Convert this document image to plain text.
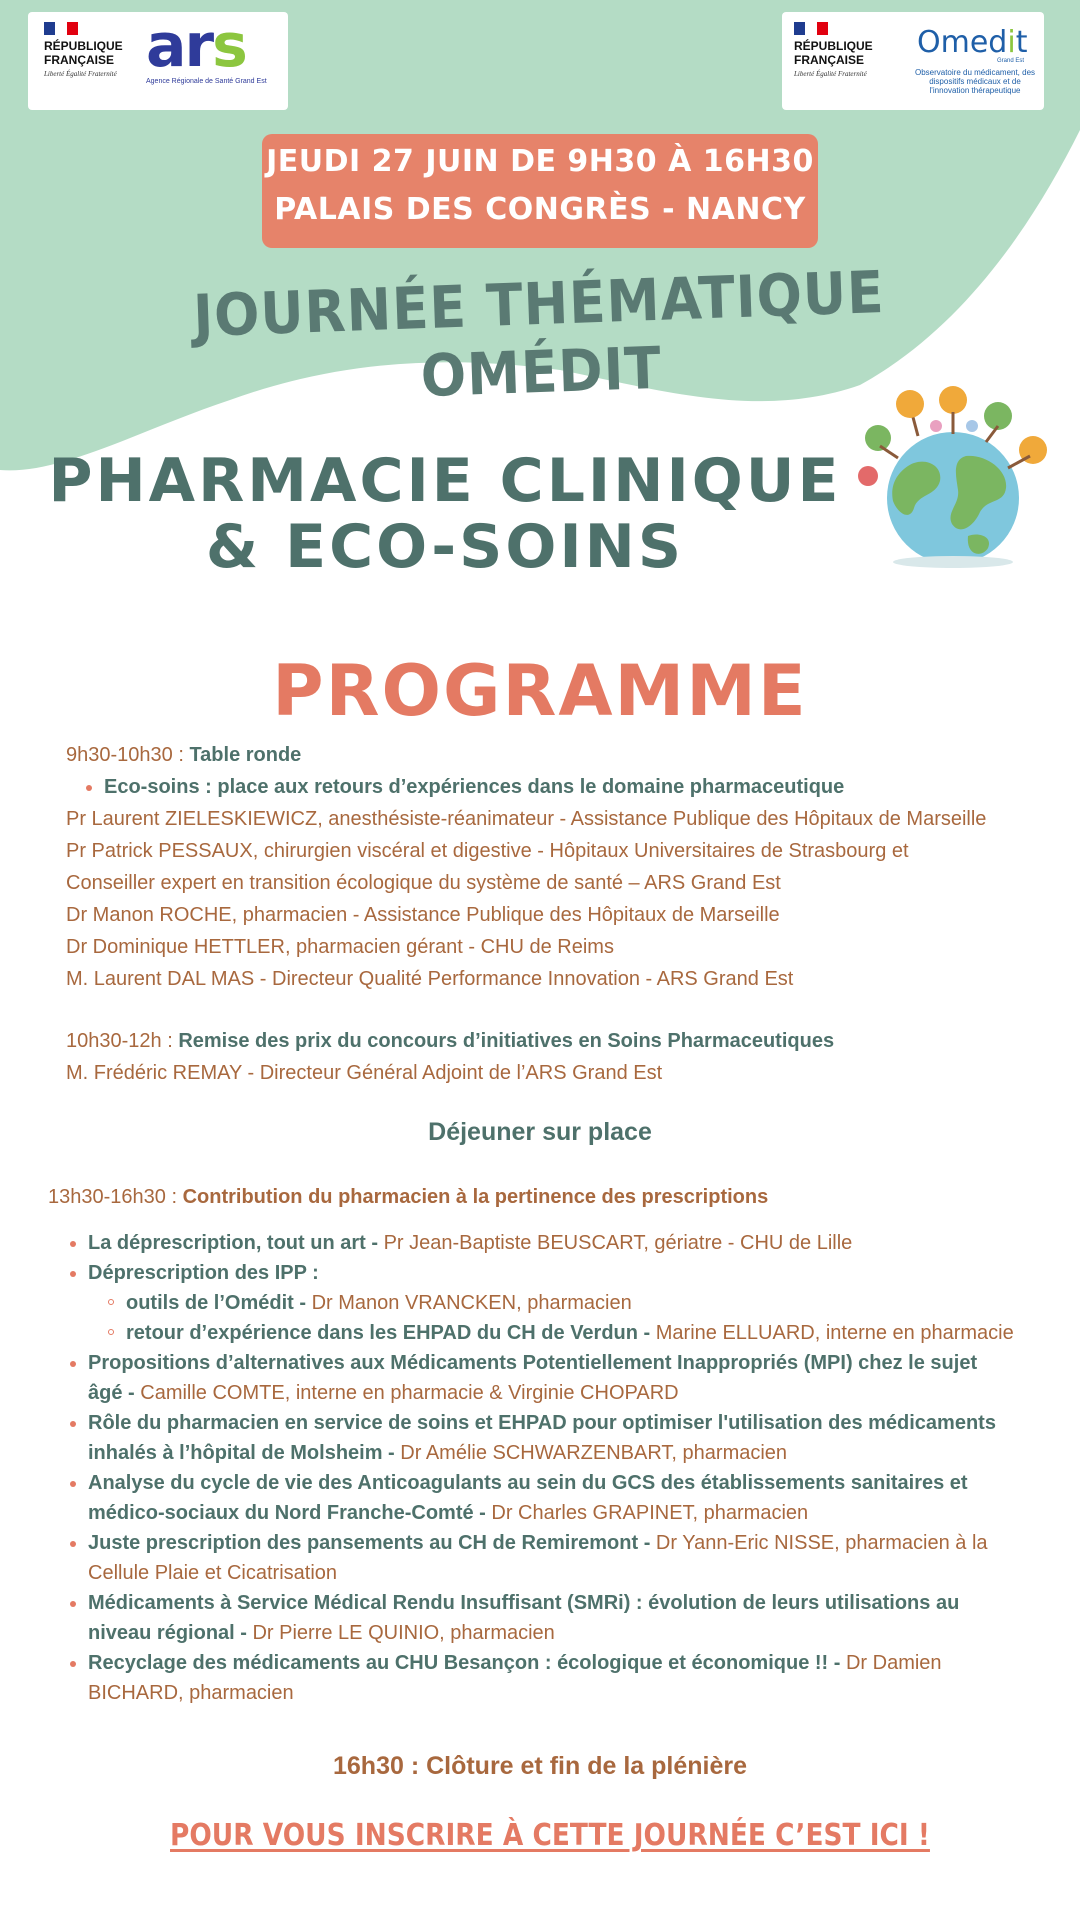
RÉPUBLIQUE FRANÇAISE
Liberté Égalité Fraternité ars
Agence Régionale de Santé Grand Est
RÉPUBLIQUE FRANÇAISE
Liberté Égalité Fraternité
Omedit
Grand Est
Observatoire du médicament, des dispositifs médicaux et de l'innovation thérapeutique
JEUDI 27 JUIN DE 9H30 À 16H30
PALAIS DES CONGRÈS - NANCY
JOURNÉE THÉMATIQUE OMÉDIT
PHARMACIE CLINIQUE
& ECO-SOINS
PROGRAMME
9h30-10h30 : Table ronde
Eco-soins : place aux retours d’expériences dans le domaine pharmaceutique
Pr Laurent ZIELESKIEWICZ, anesthésiste-réanimateur - Assistance Publique des Hôpitaux de Marseille
Pr Patrick PESSAUX, chirurgien viscéral et digestive - Hôpitaux Universitaires de Strasbourg et
Conseiller expert en transition écologique du système de santé – ARS Grand Est
Dr Manon ROCHE, pharmacien - Assistance Publique des Hôpitaux de Marseille
Dr Dominique HETTLER, pharmacien gérant - CHU de Reims
M. Laurent DAL MAS - Directeur Qualité Performance Innovation - ARS Grand Est
10h30-12h : Remise des prix du concours d’initiatives en Soins Pharmaceutiques
M. Frédéric REMAY - Directeur Général Adjoint de l’ARS Grand Est
Déjeuner sur place
13h30-16h30 : Contribution du pharmacien à la pertinence des prescriptions
La déprescription, tout un art - Pr Jean-Baptiste BEUSCART, gériatre - CHU de Lille
Déprescription des IPP :
outils de l’Omédit - Dr Manon VRANCKEN, pharmacien
retour d’expérience dans les EHPAD du CH de Verdun - Marine ELLUARD, interne en pharmacie
Propositions d’alternatives aux Médicaments Potentiellement Inappropriés (MPI) chez le sujet
âgé - Camille COMTE, interne en pharmacie & Virginie CHOPARD
Rôle du pharmacien en service de soins et EHPAD pour optimiser l'utilisation des médicaments
inhalés à l’hôpital de Molsheim - Dr Amélie SCHWARZENBART, pharmacien
Analyse du cycle de vie des Anticoagulants au sein du GCS des établissements sanitaires et
médico-sociaux du Nord Franche-Comté - Dr Charles GRAPINET, pharmacien
Juste prescription des pansements au CH de Remiremont - Dr Yann-Eric NISSE, pharmacien à la
Cellule Plaie et Cicatrisation
Médicaments à Service Médical Rendu Insuffisant (SMRi) : évolution de leurs utilisations au
niveau régional - Dr Pierre LE QUINIO, pharmacien
Recyclage des médicaments au CHU Besançon : écologique et économique !! - Dr Damien
BICHARD, pharmacien
16h30 : Clôture et fin de la plénière
POUR VOUS INSCRIRE À CETTE JOURNÉE C’EST ICI !
